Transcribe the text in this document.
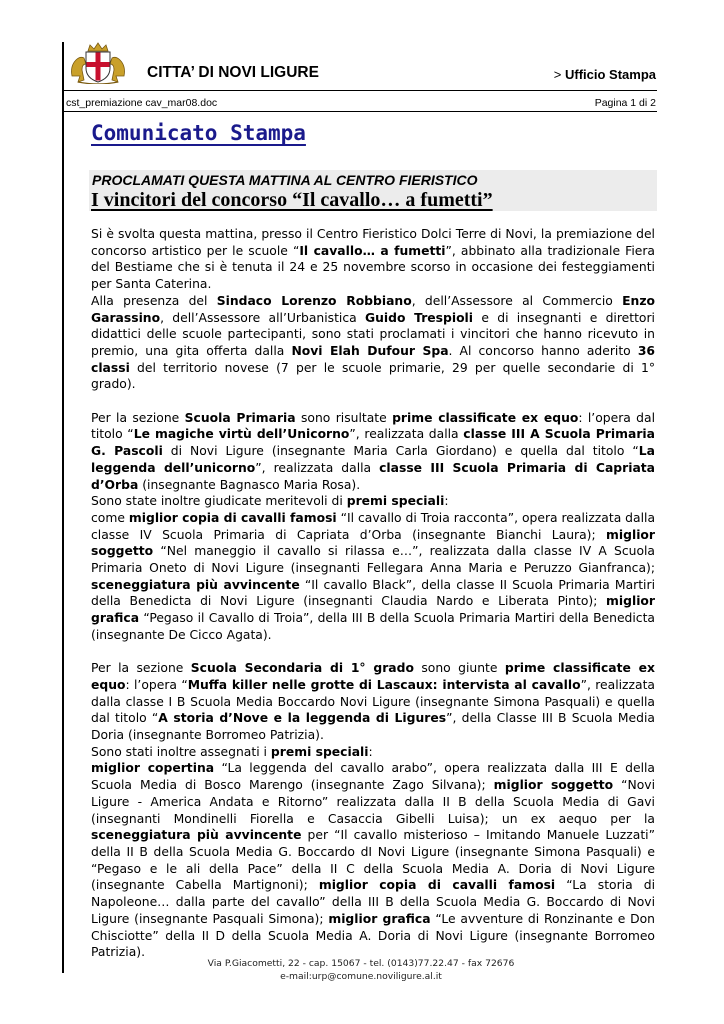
CITTA’ DI NOVI LIGURE	> Ufficio Stampa
cst_premiazione cav_mar08.doc	Pagina 1 di 2
Comunicato Stampa
PROCLAMATI QUESTA MATTINA AL CENTRO FIERISTICO
I vincitori del concorso “Il cavallo… a fumetti”

Si è svolta questa mattina, presso il Centro Fieristico Dolci Terre di Novi, la premiazione del concorso artistico per le scuole “Il cavallo… a fumetti”, abbinato alla tradizionale Fiera del Bestiame che si è tenuta il 24 e 25 novembre scorso in occasione dei festeggiamenti per Santa Caterina.

Alla presenza del Sindaco Lorenzo Robbiano, dell’Assessore al Commercio Enzo Garassino, dell’Assessore all’Urbanistica Guido Trespioli e di insegnanti e direttori didattici delle scuole partecipanti, sono stati proclamati i vincitori che hanno ricevuto in premio, una gita offerta dalla Novi Elah Dufour Spa. Al concorso hanno aderito 36 classi del territorio novese (7 per le scuole primarie, 29 per quelle secondarie di 1° grado).

Per la sezione Scuola Primaria sono risultate prime classificate ex equo: l’opera dal titolo “Le magiche virtù dell’Unicorno”, realizzata dalla classe III A Scuola Primaria G. Pascoli di Novi Ligure (insegnante Maria Carla Giordano) e quella dal titolo “La leggenda dell’unicorno”, realizzata dalla classe III Scuola Primaria di Capriata d’Orba (insegnante Bagnasco Maria Rosa).

Sono state inoltre giudicate meritevoli di premi speciali:

come miglior copia di cavalli famosi “Il cavallo di Troia racconta”, opera realizzata dalla classe IV Scuola Primaria di Capriata d’Orba (insegnante Bianchi Laura); miglior soggetto “Nel maneggio il cavallo si rilassa e…”, realizzata dalla classe IV A Scuola Primaria Oneto di Novi Ligure (insegnanti Fellegara Anna Maria e Peruzzo Gianfranca); sceneggiatura più avvincente “Il cavallo Black”, della classe II Scuola Primaria Martiri della Benedicta di Novi Ligure (insegnanti Claudia Nardo e Liberata Pinto); miglior grafica “Pegaso il Cavallo di Troia”, della III B della Scuola Primaria Martiri della Benedicta (insegnante De Cicco Agata).

Per la sezione Scuola Secondaria di 1° grado sono giunte prime classificate ex equo: l’opera “Muffa killer nelle grotte di Lascaux: intervista al cavallo”, realizzata dalla classe I B Scuola Media Boccardo Novi Ligure (insegnante Simona Pasquali) e quella dal titolo “A storia d’Nove e la leggenda di Ligures”, della Classe III B Scuola Media Doria (insegnante Borromeo Patrizia).

Sono stati inoltre assegnati i premi speciali:

miglior copertina “La leggenda del cavallo arabo”, opera realizzata dalla III E della Scuola Media di Bosco Marengo (insegnante Zago Silvana); miglior soggetto “Novi Ligure - America Andata e Ritorno” realizzata dalla II B della Scuola Media di Gavi (insegnanti Mondinelli Fiorella e Casaccia Gibelli Luisa); un ex aequo per la sceneggiatura più avvincente per “Il cavallo misterioso – Imitando Manuele Luzzati” della II B della Scuola Media G. Boccardo dI Novi Ligure (insegnante Simona Pasquali) e “Pegaso e le ali della Pace” della II C della Scuola Media A. Doria di Novi Ligure (insegnante Cabella Martignoni); miglior copia di cavalli famosi “La storia di Napoleone… dalla parte del cavallo” della III B della Scuola Media G. Boccardo di Novi Ligure (insegnante Pasquali Simona); miglior grafica “Le avventure di Ronzinante e Don Chisciotte” della II D della Scuola Media A. Doria di Novi Ligure (insegnante Borromeo Patrizia).

Via P.Giacometti, 22 - cap. 15067 - tel. (0143)77.22.47 - fax 72676
e-mail:urp@comune.noviligure.al.it
